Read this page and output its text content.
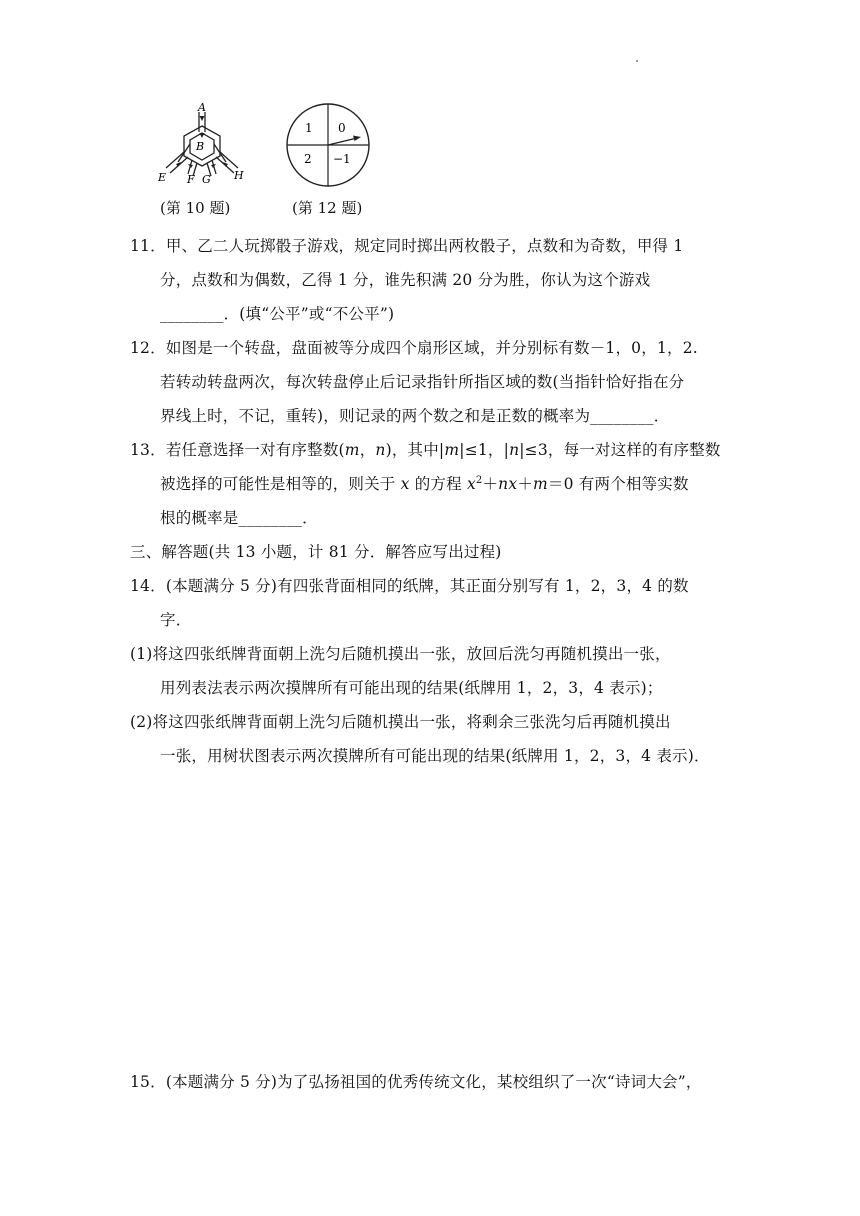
A
B
E F G H
1 0
2 −1
(第 10 题)	(第 12 题)
11．甲、乙二人玩掷骰子游戏，规定同时掷出两枚骰子，点数和为奇数，甲得 1
分，点数和为偶数，乙得 1 分，谁先积满 20 分为胜，你认为这个游戏
________．(填“公平”或“不公平”)
12．如图是一个转盘，盘面被等分成四个扇形区域，并分别标有数－1，0，1，2.
若转动转盘两次，每次转盘停止后记录指针所指区域的数(当指针恰好指在分
界线上时，不记，重转)，则记录的两个数之和是正数的概率为________．
13．若任意选择一对有序整数(m，n)，其中|m|≤1，|n|≤3，每一对这样的有序整数
被选择的可能性是相等的，则关于 x 的方程 $x^2+nx+m=0$ 有两个相等实数
根的概率是________．
三、解答题(共 13 小题，计 81 分．解答应写出过程)
14．(本题满分 5 分)有四张背面相同的纸牌，其正面分别写有 1，2，3，4 的数
字．
(1)将这四张纸牌背面朝上洗匀后随机摸出一张，放回后洗匀再随机摸出一张，
用列表法表示两次摸牌所有可能出现的结果(纸牌用 1，2，3，4 表示)；
(2)将这四张纸牌背面朝上洗匀后随机摸出一张，将剩余三张洗匀后再随机摸出
一张，用树状图表示两次摸牌所有可能出现的结果(纸牌用 1，2，3，4 表示)．
15．(本题满分 5 分)为了弘扬祖国的优秀传统文化，某校组织了一次“诗词大会”，
